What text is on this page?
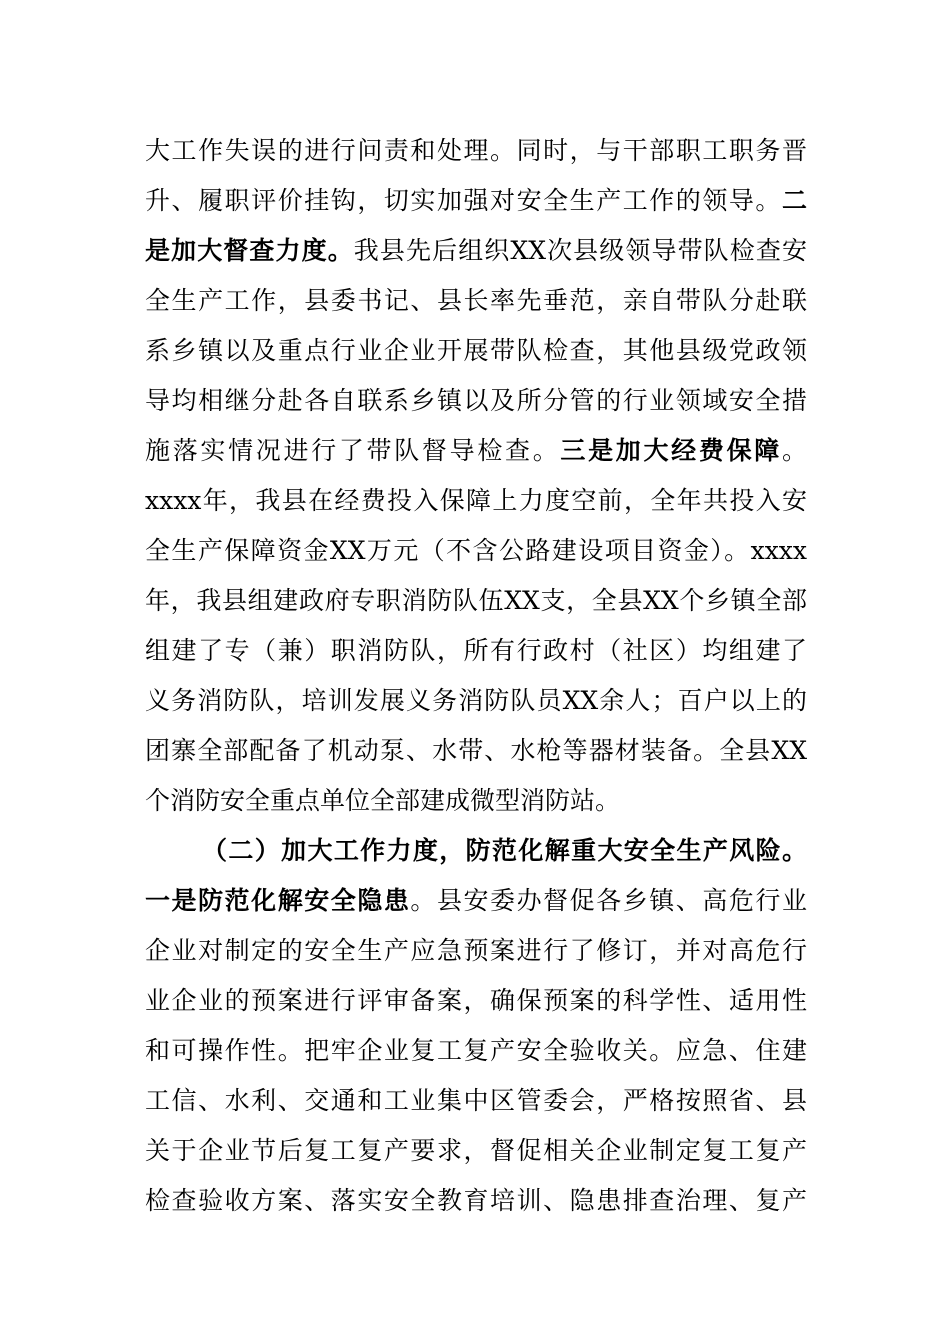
大工作失误的进行问责和处理。同时，与干部职工职务晋
升、履职评价挂钩，切实加强对安全生产工作的领导。二
是加大督查力度。我县先后组织XX次县级领导带队检查安
全生产工作，县委书记、县长率先垂范，亲自带队分赴联
系乡镇以及重点行业企业开展带队检查，其他县级党政领
导均相继分赴各自联系乡镇以及所分管的行业领域安全措
施落实情况进行了带队督导检查。三是加大经费保障。
xxxx年，我县在经费投入保障上力度空前，全年共投入安
全生产保障资金XX万元（不含公路建设项目资金）。xxxx
年，我县组建政府专职消防队伍XX支，全县XX个乡镇全部
组建了专（兼）职消防队，所有行政村（社区）均组建了
义务消防队，培训发展义务消防队员XX余人；百户以上的
团寨全部配备了机动泵、水带、水枪等器材装备。全县XX
个消防安全重点单位全部建成微型消防站。
（二）加大工作力度，防范化解重大安全生产风险。
一是防范化解安全隐患。县安委办督促各乡镇、高危行业
企业对制定的安全生产应急预案进行了修订，并对高危行
业企业的预案进行评审备案，确保预案的科学性、适用性
和可操作性。把牢企业复工复产安全验收关。应急、住建
工信、水利、交通和工业集中区管委会，严格按照省、县
关于企业节后复工复产要求，督促相关企业制定复工复产
检查验收方案、落实安全教育培训、隐患排查治理、复产
